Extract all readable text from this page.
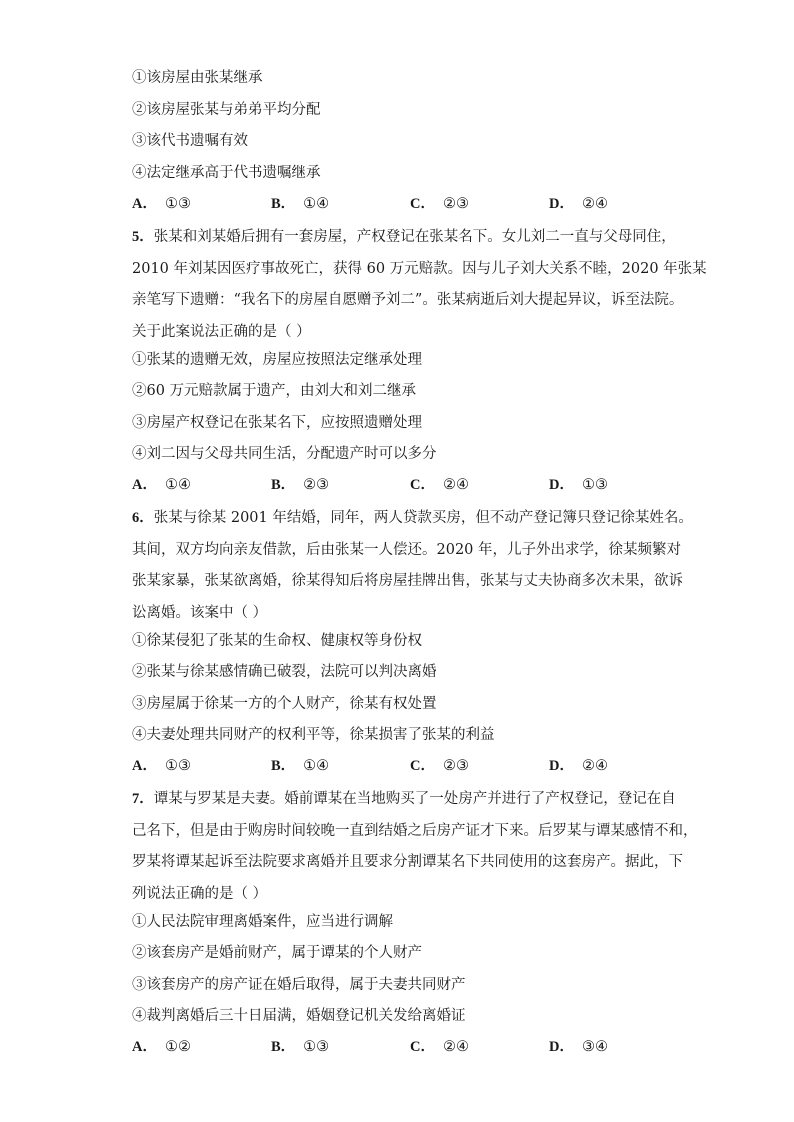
①该房屋由张某继承
②该房屋张某与弟弟平均分配
③该代书遗嘱有效
④法定继承高于代书遗嘱继承
A． ①③	B． ①④	C． ②③	D． ②④
5．张某和刘某婚后拥有一套房屋，产权登记在张某名下。女儿刘二一直与父母同住，
2010 年刘某因医疗事故死亡，获得 60 万元赔款。因与儿子刘大关系不睦，2020 年张某
亲笔写下遗赠：“我名下的房屋自愿赠予刘二”。张某病逝后刘大提起异议，诉至法院。
关于此案说法正确的是（ ）
①张某的遗赠无效，房屋应按照法定继承处理
②60 万元赔款属于遗产，由刘大和刘二继承
③房屋产权登记在张某名下，应按照遗赠处理
④刘二因与父母共同生活，分配遗产时可以多分
A． ①④	B． ②③	C． ②④	D． ①③
6．张某与徐某 2001 年结婚，同年，两人贷款买房，但不动产登记簿只登记徐某姓名。
其间，双方均向亲友借款，后由张某一人偿还。2020 年，儿子外出求学，徐某频繁对
张某家暴，张某欲离婚，徐某得知后将房屋挂牌出售，张某与丈夫协商多次未果，欲诉
讼离婚。该案中（ ）
①徐某侵犯了张某的生命权、健康权等身份权
②张某与徐某感情确已破裂，法院可以判决离婚
③房屋属于徐某一方的个人财产，徐某有权处置
④夫妻处理共同财产的权利平等，徐某损害了张某的利益
A． ①③	B． ①④	C． ②③	D． ②④
7．谭某与罗某是夫妻。婚前谭某在当地购买了一处房产并进行了产权登记，登记在自
己名下，但是由于购房时间较晚一直到结婚之后房产证才下来。后罗某与谭某感情不和，
罗某将谭某起诉至法院要求离婚并且要求分割谭某名下共同使用的这套房产。据此，下
列说法正确的是（ ）
①人民法院审理离婚案件，应当进行调解
②该套房产是婚前财产，属于谭某的个人财产
③该套房产的房产证在婚后取得，属于夫妻共同财产
④裁判离婚后三十日届满，婚姻登记机关发给离婚证
A． ①②	B． ①③	C． ②④	D． ③④
